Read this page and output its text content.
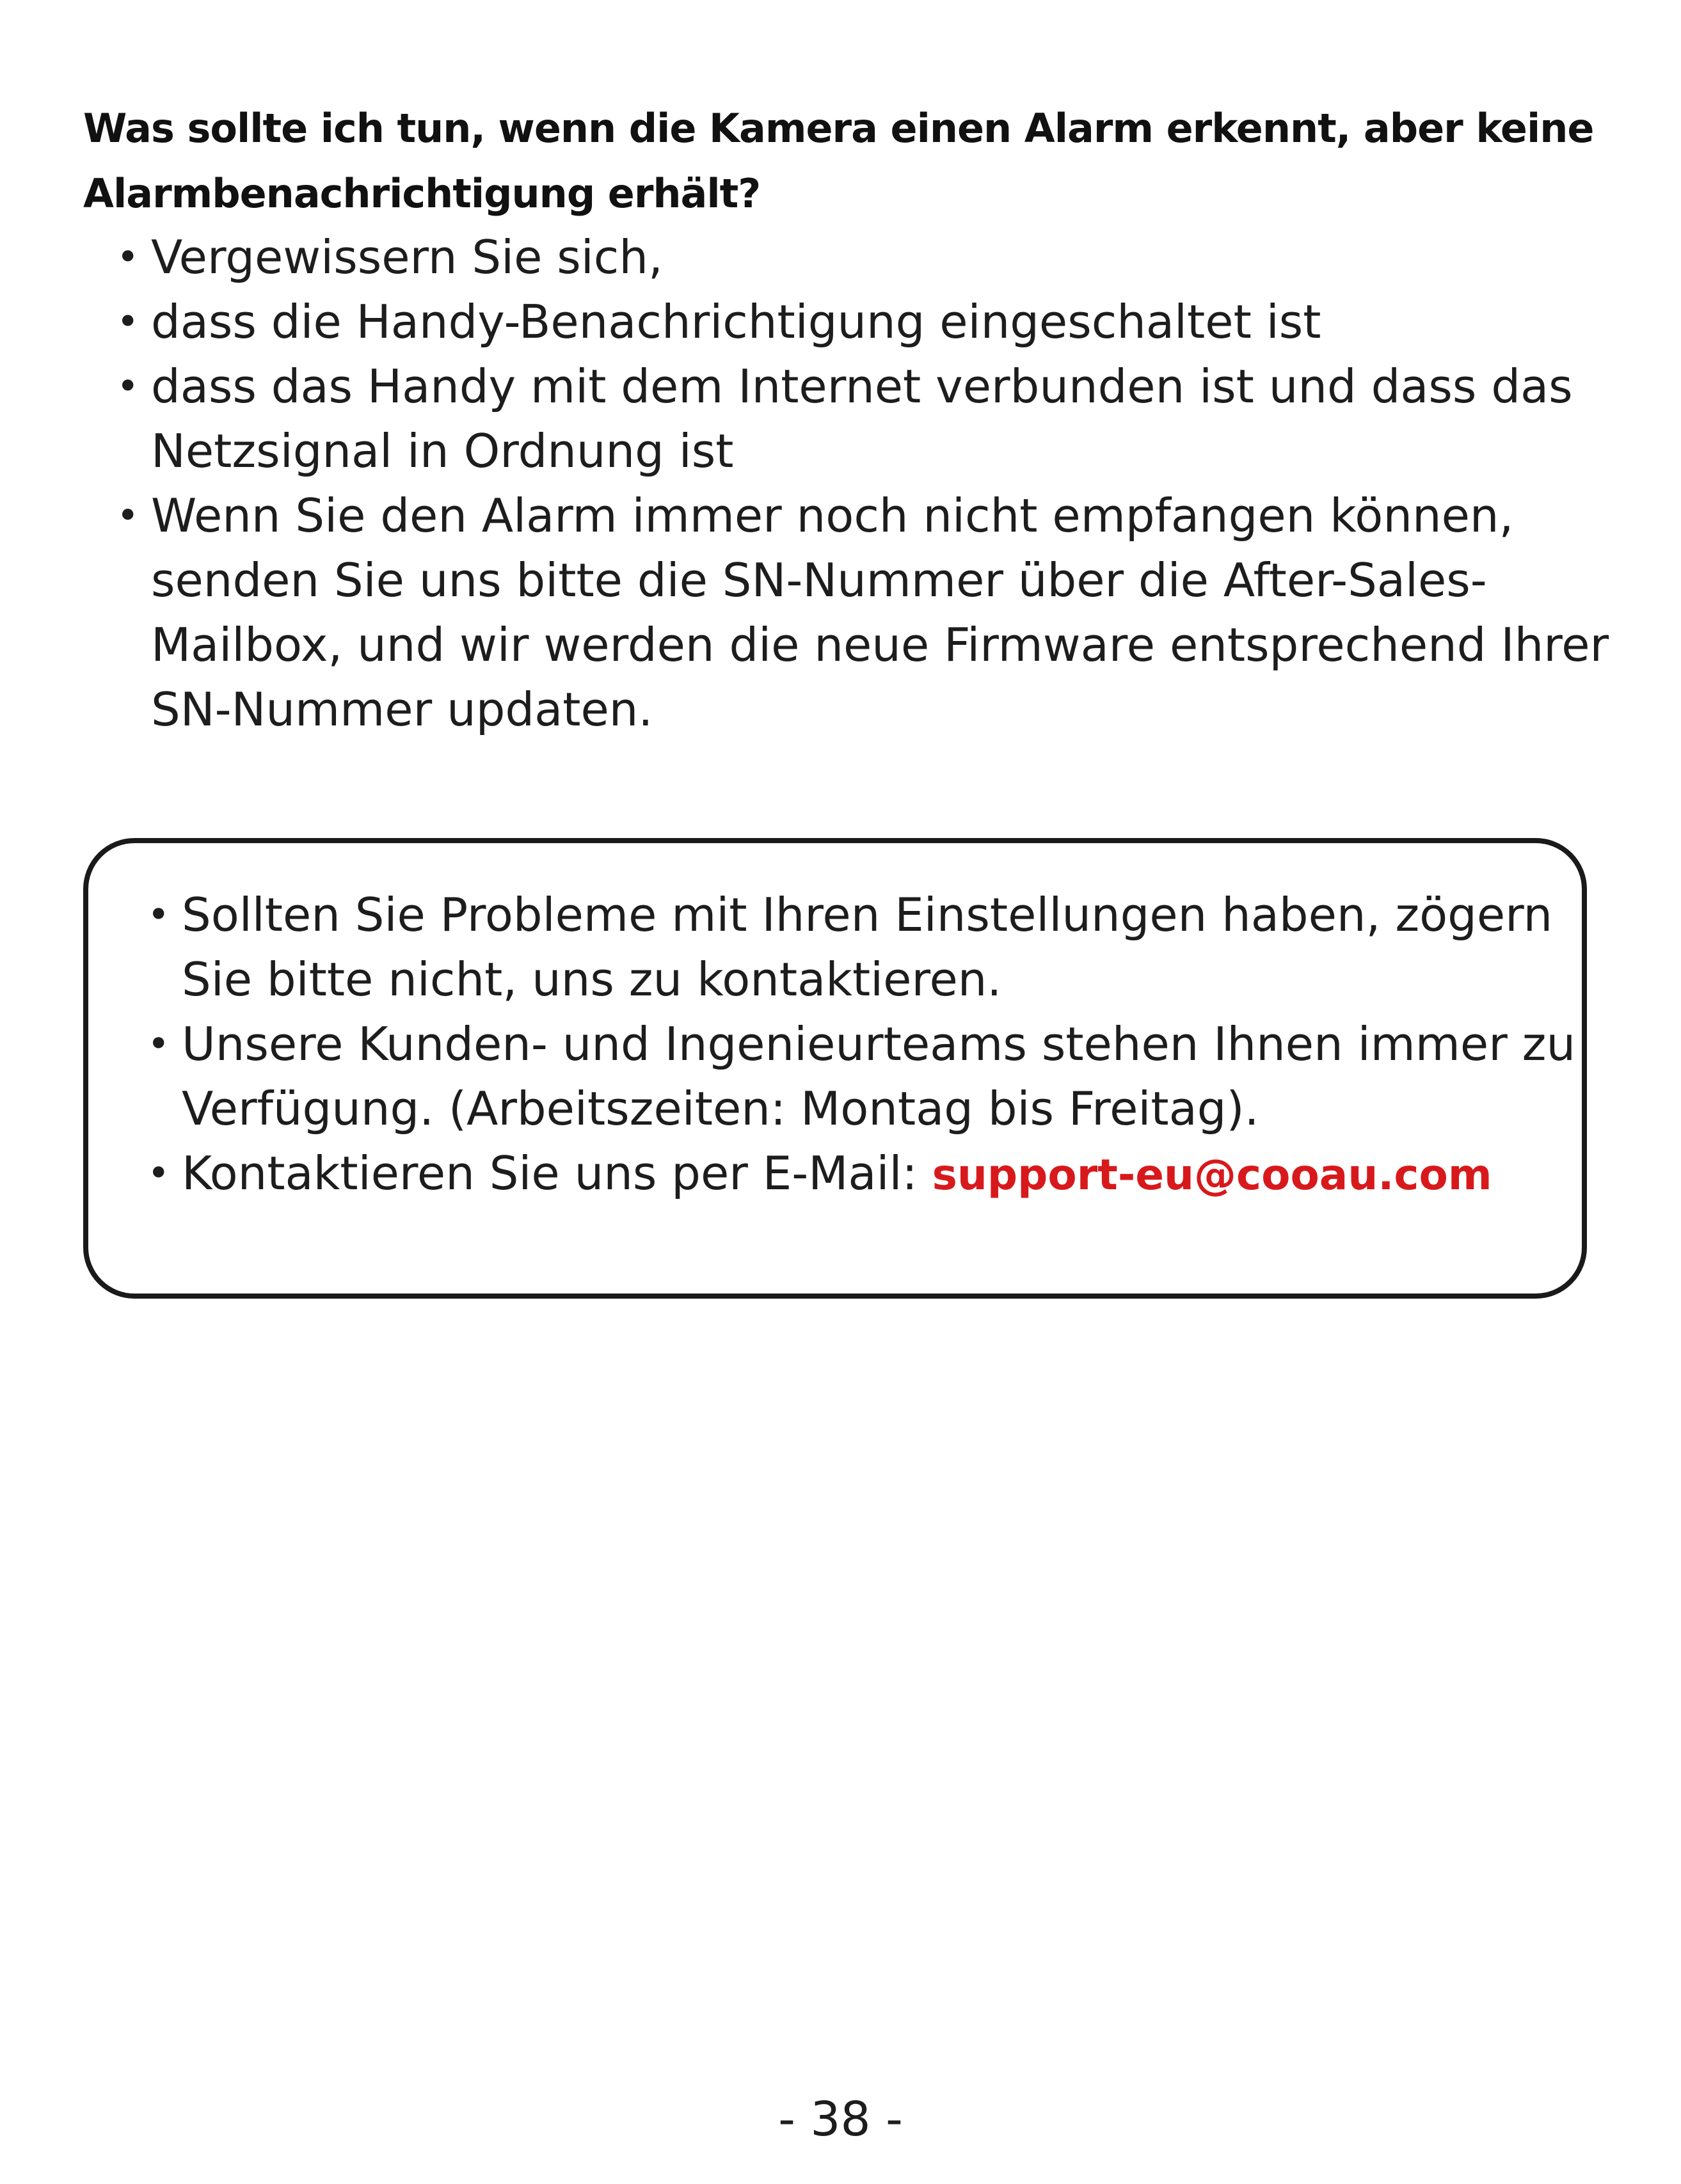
Was sollte ich tun, wenn die Kamera einen Alarm erkennt, aber keine Alarmbenachrichtigung erhält?
• Vergewissern Sie sich,
• dass die Handy-Benachrichtigung eingeschaltet ist
• dass das Handy mit dem Internet verbunden ist und dass das Netzsignal in Ordnung ist
• Wenn Sie den Alarm immer noch nicht empfangen können, senden Sie uns bitte die SN-Nummer über die After-Sales-Mailbox, und wir werden die neue Firmware entsprechend Ihrer SN-Nummer updaten.
• Sollten Sie Probleme mit Ihren Einstellungen haben, zögern Sie bitte nicht, uns zu kontaktieren.
• Unsere Kunden- und Ingenieurteams stehen Ihnen immer zu Verfügung. (Arbeitszeiten: Montag bis Freitag).
• Kontaktieren Sie uns per E-Mail: support-eu@cooau.com
- 38 -
